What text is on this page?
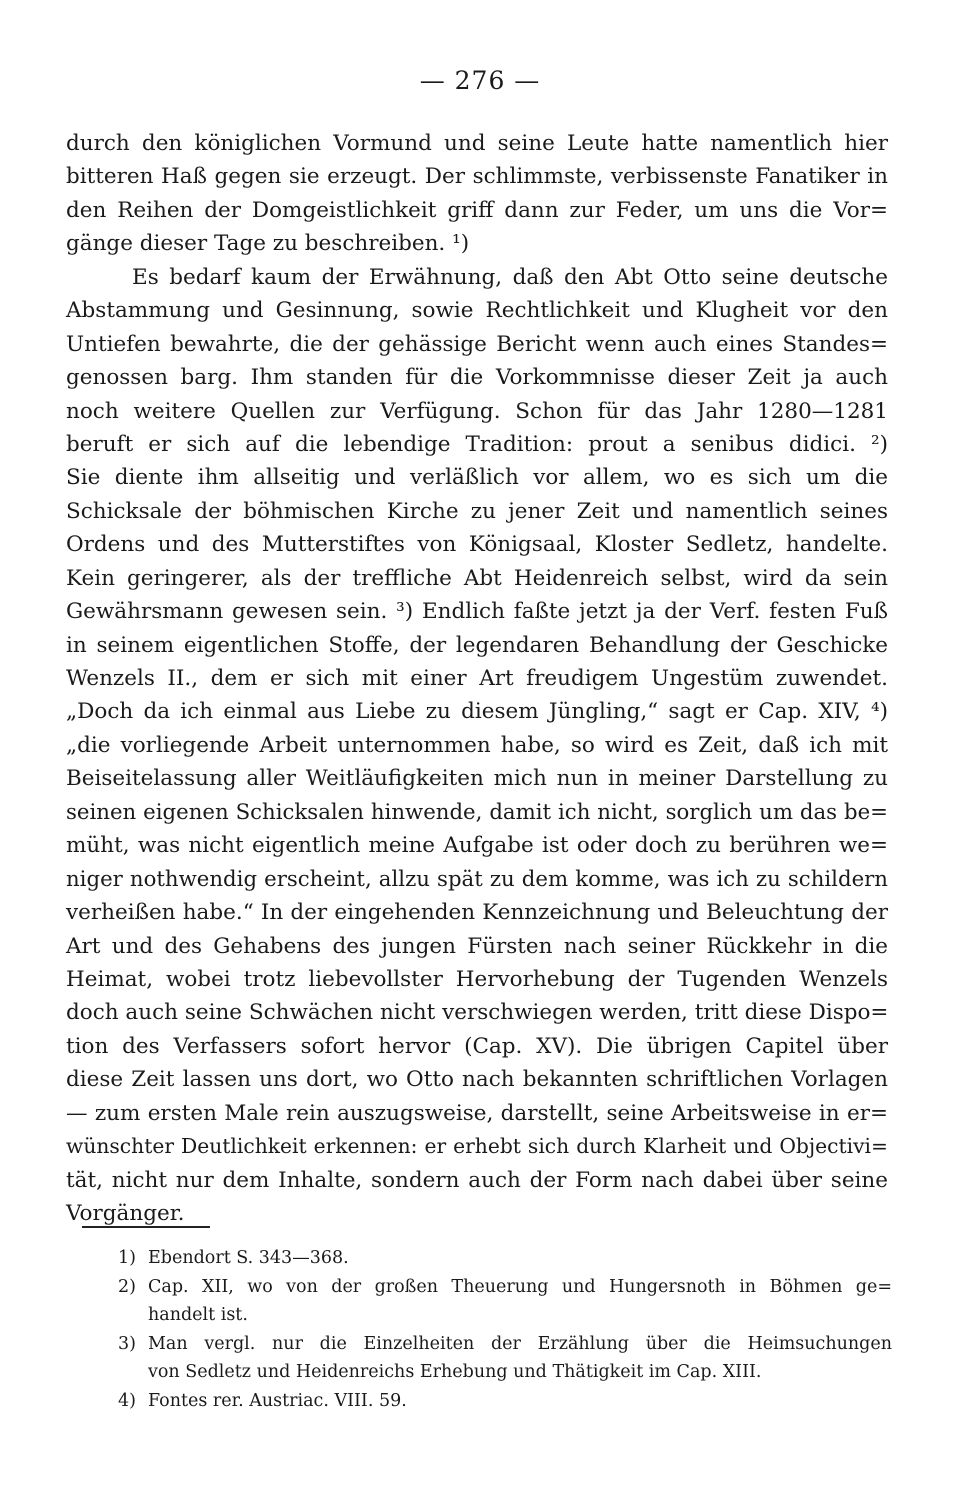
— 276 —
durch den königlichen Vormund und seine Leute hatte namentlich hier
bitteren Haß gegen sie erzeugt. Der schlimmste, verbissenste Fanatiker in
den Reihen der Domgeistlichkeit griff dann zur Feder, um uns die Vor=
gänge dieser Tage zu beschreiben. ¹)
Es bedarf kaum der Erwähnung, daß den Abt Otto seine deutsche
Abstammung und Gesinnung, sowie Rechtlichkeit und Klugheit vor den
Untiefen bewahrte, die der gehässige Bericht wenn auch eines Standes=
genossen barg. Ihm standen für die Vorkommnisse dieser Zeit ja auch
noch weitere Quellen zur Verfügung. Schon für das Jahr 1280—1281
beruft er sich auf die lebendige Tradition: prout a senibus didici. ²)
Sie diente ihm allseitig und verläßlich vor allem, wo es sich um die
Schicksale der böhmischen Kirche zu jener Zeit und namentlich seines
Ordens und des Mutterstiftes von Königsaal, Kloster Sedletz, handelte.
Kein geringerer, als der treffliche Abt Heidenreich selbst, wird da sein
Gewährsmann gewesen sein. ³) Endlich faßte jetzt ja der Verf. festen Fuß
in seinem eigentlichen Stoffe, der legendaren Behandlung der Geschicke
Wenzels II., dem er sich mit einer Art freudigem Ungestüm zuwendet.
„Doch da ich einmal aus Liebe zu diesem Jüngling,“ sagt er Cap. XIV, ⁴)
„die vorliegende Arbeit unternommen habe, so wird es Zeit, daß ich mit
Beiseitelassung aller Weitläufigkeiten mich nun in meiner Darstellung zu
seinen eigenen Schicksalen hinwende, damit ich nicht, sorglich um das be=
müht, was nicht eigentlich meine Aufgabe ist oder doch zu berühren we=
niger nothwendig erscheint, allzu spät zu dem komme, was ich zu schildern
verheißen habe.“ In der eingehenden Kennzeichnung und Beleuchtung der
Art und des Gehabens des jungen Fürsten nach seiner Rückkehr in die
Heimat, wobei trotz liebevollster Hervorhebung der Tugenden Wenzels
doch auch seine Schwächen nicht verschwiegen werden, tritt diese Dispo=
tion des Verfassers sofort hervor (Cap. XV). Die übrigen Capitel über
diese Zeit lassen uns dort, wo Otto nach bekannten schriftlichen Vorlagen
— zum ersten Male rein auszugsweise, darstellt, seine Arbeitsweise in er=
wünschter Deutlichkeit erkennen: er erhebt sich durch Klarheit und Objectivi=
tät, nicht nur dem Inhalte, sondern auch der Form nach dabei über seine
Vorgänger.
1) Ebendort S. 343—368.
2) Cap. XII, wo von der großen Theuerung und Hungersnoth in Böhmen ge=
handelt ist.
3) Man vergl. nur die Einzelheiten der Erzählung über die Heimsuchungen
von Sedletz und Heidenreichs Erhebung und Thätigkeit im Cap. XIII.
4) Fontes rer. Austriac. VIII. 59.
